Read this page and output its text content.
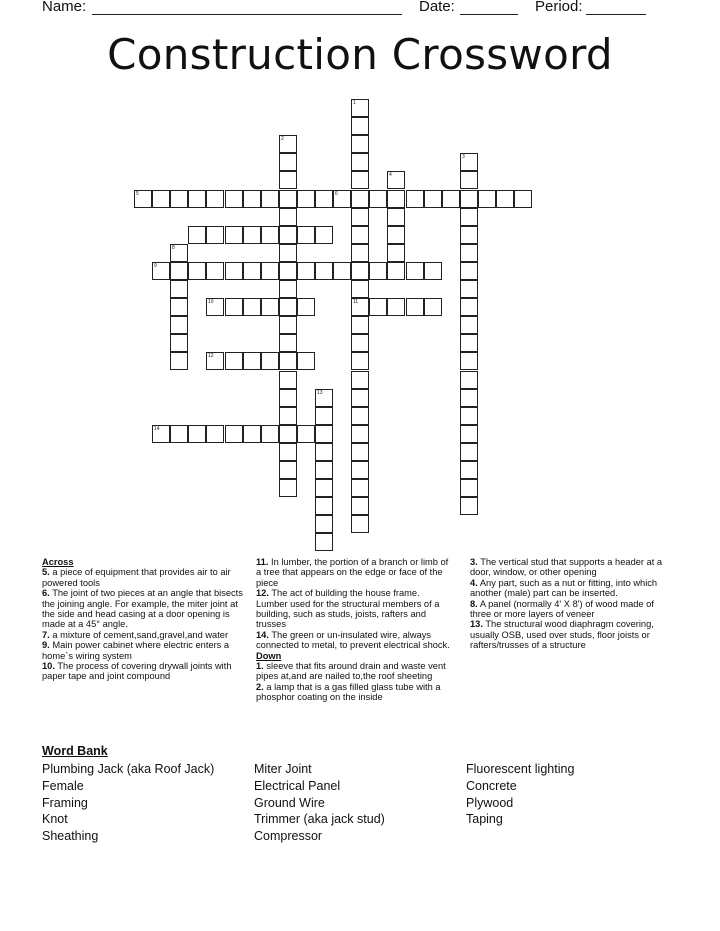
Name:	Date:	Period:
Construction Crossword
1
2
3
4
5	6
8
9
10	11
12
13
14

Across

5. a piece of equipment that provides air to air powered tools

6. The joint of two pieces at an angle that bisects the joining angle. For example, the miter joint at the side and head casing at a door opening is made at a 45° angle.

7. a mixture of cement,sand,gravel,and water

9. Main power cabinet where electric enters a home`s wiring system

10. The process of covering drywall joints with paper tape and joint compound

11. In lumber, the portion of a branch or limb of a tree that appears on the edge or face of the piece

12. The act of building the house frame. Lumber used for the structural members of a building, such as studs, joists, rafters and trusses

14. The green or un-insulated wire, always connected to metal, to prevent electrical shock.

Down

1. sleeve that fits around drain and waste vent pipes at,and are nailed to,the roof sheeting

2. a lamp that is a gas filled glass tube with a phosphor coating on the inside

3. The vertical stud that supports a header at a door, window, or other opening

4. Any part, such as a nut or fitting, into which another (male) part can be inserted.

8. A panel (normally 4' X 8') of wood made of three or more layers of veneer

13. The structural wood diaphragm covering, usually OSB, used over studs, floor joists or rafters/trusses of a structure

Word Bank
Plumbing Jack (aka Roof Jack)
Female
Framing
Knot
Sheathing
Miter Joint
Electrical Panel
Ground Wire
Trimmer (aka jack stud)
Compressor
Fluorescent lighting
Concrete
Plywood
Taping
